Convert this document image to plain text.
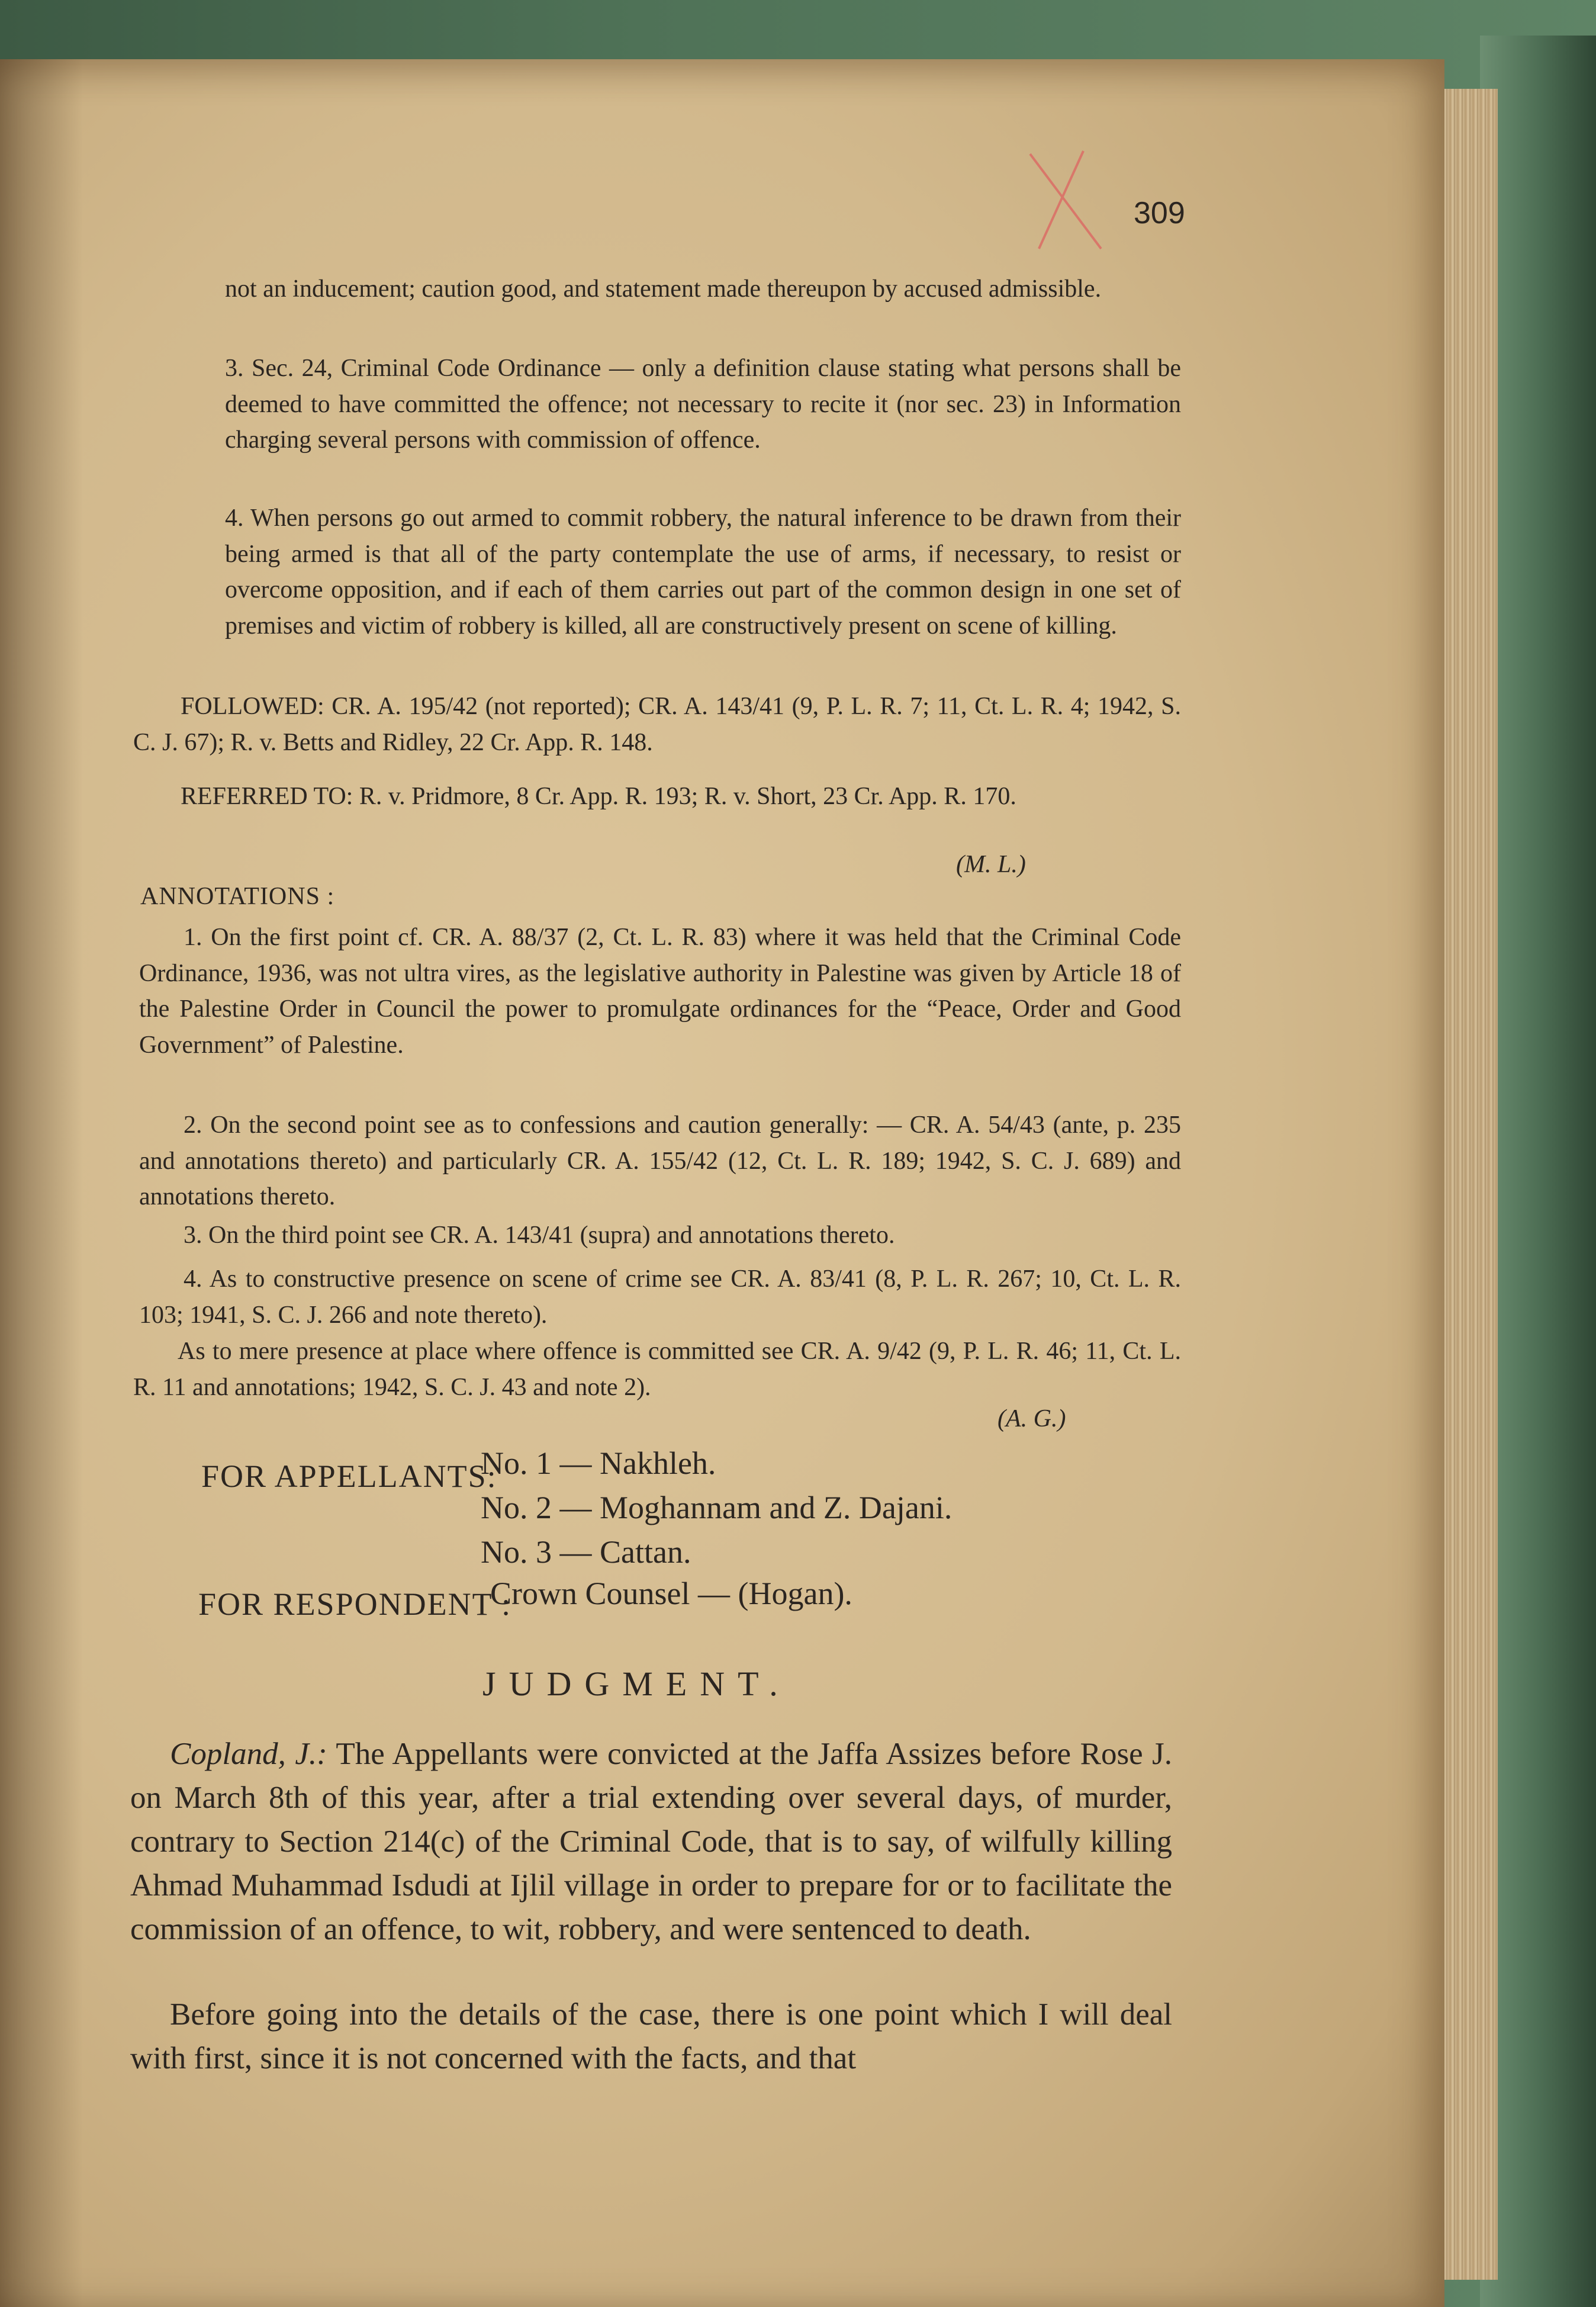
309
not an inducement; caution good, and statement made thereupon by accused admissible.
3. Sec. 24, Criminal Code Ordinance — only a definition clause stating what persons shall be deemed to have committed the offence; not necessary to recite it (nor sec. 23) in Information charging several persons with commission of offence.
4. When persons go out armed to commit robbery, the natural inference to be drawn from their being armed is that all of the party contemplate the use of arms, if necessary, to resist or overcome opposition, and if each of them carries out part of the common design in one set of premises and victim of robbery is killed, all are constructively present on scene of killing.
FOLLOWED: CR. A. 195/42 (not reported); CR. A. 143/41 (9, P. L. R. 7; 11, Ct. L. R. 4; 1942, S. C. J. 67); R. v. Betts and Ridley, 22 Cr. App. R. 148.
REFERRED TO: R. v. Pridmore, 8 Cr. App. R. 193; R. v. Short, 23 Cr. App. R. 170.
(M. L.)
ANNOTATIONS :
1. On the first point cf. CR. A. 88/37 (2, Ct. L. R. 83) where it was held that the Criminal Code Ordinance, 1936, was not ultra vires, as the legislative authority in Palestine was given by Article 18 of the Palestine Order in Council the power to promulgate ordinances for the “Peace, Order and Good Government” of Palestine.
2. On the second point see as to confessions and caution generally: — CR. A. 54/43 (ante, p. 235 and annotations thereto) and particularly CR. A. 155/42 (12, Ct. L. R. 189; 1942, S. C. J. 689) and annotations thereto.
3. On the third point see CR. A. 143/41 (supra) and annotations thereto.
4. As to constructive presence on scene of crime see CR. A. 83/41 (8, P. L. R. 267; 10, Ct. L. R. 103; 1941, S. C. J. 266 and note thereto).
As to mere presence at place where offence is committed see CR. A. 9/42 (9, P. L. R. 46; 11, Ct. L. R. 11 and annotations; 1942, S. C. J. 43 and note 2).
(A. G.)
FOR APPELLANTS:
No. 1 — Nakhleh.
No. 2 — Moghannam and Z. Dajani.
No. 3 — Cattan.
FOR RESPONDENT :
Crown Counsel — (Hogan).
JUDGMENT.
Copland, J.: The Appellants were convicted at the Jaffa Assizes before Rose J. on March 8th of this year, after a trial extending over several days, of murder, contrary to Section 214(c) of the Criminal Code, that is to say, of wilfully killing Ahmad Muhammad Isdudi at Ijlil village in order to prepare for or to facilitate the commission of an offence, to wit, robbery, and were sentenced to death.
Before going into the details of the case, there is one point which I will deal with first, since it is not concerned with the facts, and that
